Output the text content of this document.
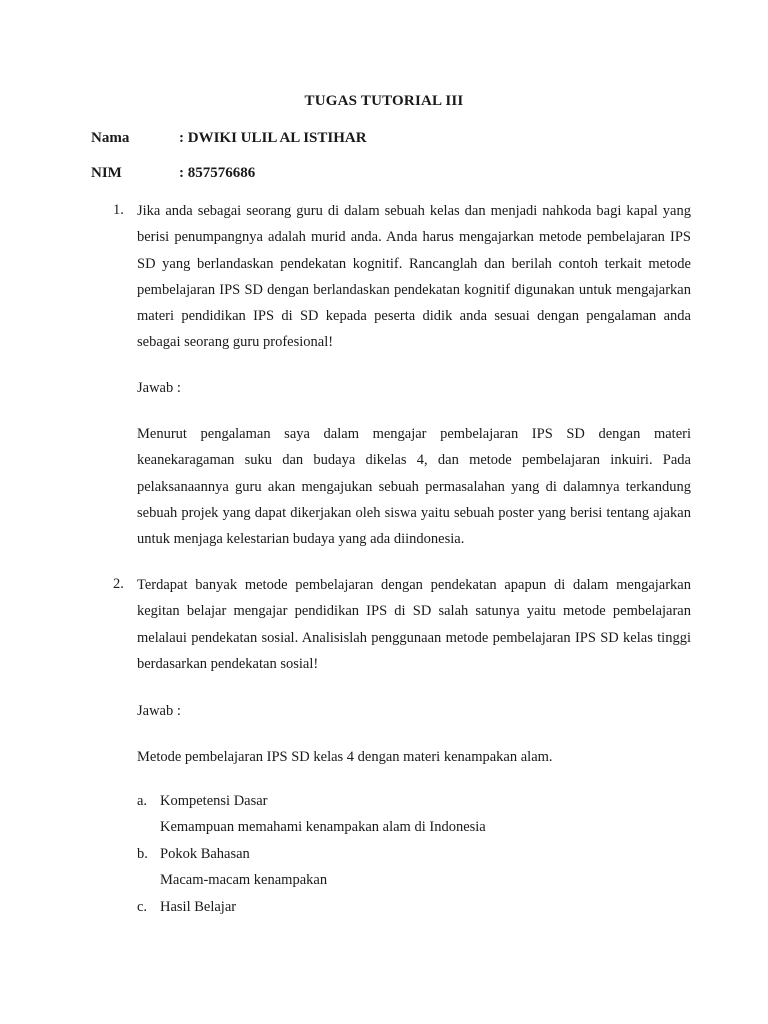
TUGAS TUTORIAL III
Nama	: DWIKI ULIL AL ISTIHAR
NIM	: 857576686
1. Jika anda sebagai seorang guru di dalam sebuah kelas dan menjadi nahkoda bagi kapal yang berisi penumpangnya adalah murid anda. Anda harus mengajarkan metode pembelajaran IPS SD yang berlandaskan pendekatan kognitif. Rancanglah dan berilah contoh terkait metode pembelajaran IPS SD dengan berlandaskan pendekatan kognitif digunakan untuk mengajarkan materi pendidikan IPS di SD kepada peserta didik anda sesuai dengan pengalaman anda sebagai seorang guru profesional!
Jawab :
Menurut pengalaman saya dalam mengajar pembelajaran IPS SD dengan materi keanekaragaman suku dan budaya dikelas 4, dan metode pembelajaran inkuiri. Pada pelaksanaannya guru akan mengajukan sebuah permasalahan yang di dalamnya terkandung sebuah projek yang dapat dikerjakan oleh siswa yaitu sebuah poster yang berisi tentang ajakan untuk menjaga kelestarian budaya yang ada diindonesia.
2. Terdapat banyak metode pembelajaran dengan pendekatan apapun di dalam mengajarkan kegitan belajar mengajar pendidikan IPS di SD salah satunya yaitu metode pembelajaran melalaui pendekatan sosial. Analisislah penggunaan metode pembelajaran IPS SD kelas tinggi berdasarkan pendekatan sosial!
Jawab :
Metode pembelajaran IPS SD kelas 4 dengan materi kenampakan alam.
a. Kompetensi Dasar
Kemampuan memahami kenampakan alam di Indonesia
b. Pokok Bahasan
Macam-macam kenampakan
c. Hasil Belajar
